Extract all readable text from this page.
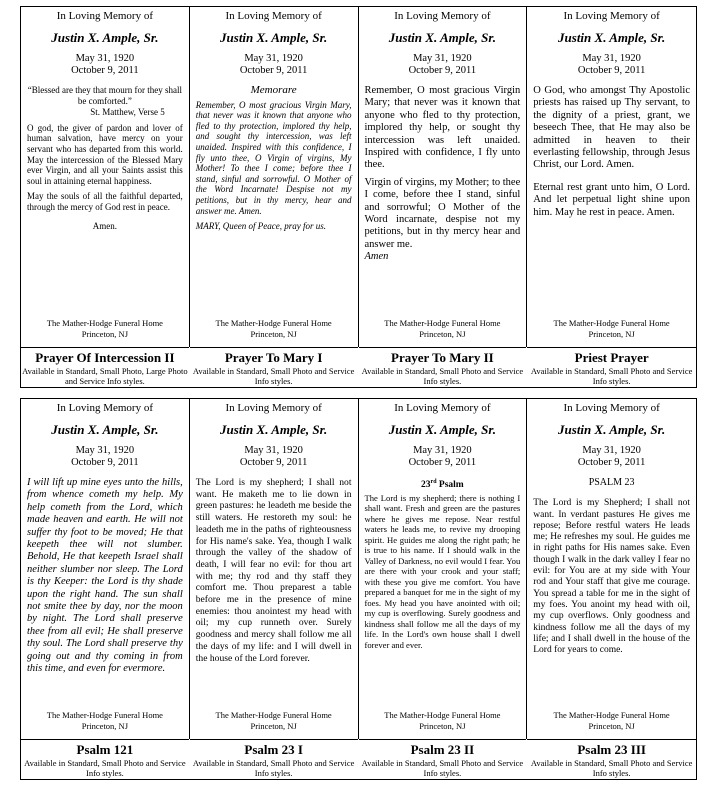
In Loving Memory of
Justin X. Ample, Sr.
May 31, 1920
October 9, 2011

“Blessed are they that mourn for they shall be comforted.”

St. Matthew, Verse 5

O god, the giver of pardon and lover of human salvation, have mercy on your servant who has departed from this world. May the intercession of the Blessed Mary ever Virgin, and all your Saints assist this soul in attaining eternal happiness.

May the souls of all the faithful departed, through the mercy of God rest in peace.

Amen.

The Mather-Hodge Funeral Home
Princeton, NJ
Prayer Of Intercession II
Available in Standard, Small Photo, Large Photo and Service Info styles.
In Loving Memory of
Justin X. Ample, Sr.
May 31, 1920
October 9, 2011

Memorare

Remember, O most gracious Virgin Mary, that never was it known that anyone who fled to thy protection, implored thy help, and sought thy intercession, was left unaided. Inspired with this confidence, I fly unto thee, O Virgin of virgins, My Mother! To thee I come; before thee I stand, sinful and sorrowful. O Mother of the Word Incarnate! Despise not my petitions, but in thy mercy, hear and answer me. Amen.

MARY, Queen of Peace, pray for us.

The Mather-Hodge Funeral Home
Princeton, NJ
Prayer To Mary I
Available in Standard, Small Photo and Service Info styles.
In Loving Memory of
Justin X. Ample, Sr.
May 31, 1920
October 9, 2011

Remember, O most gracious Virgin Mary; that never was it known that anyone who fled to thy protection, implored thy help, or sought thy intercession was left unaided. Inspired with confidence, I fly unto thee.

Virgin of virgins, my Mother; to thee I come, before thee I stand, sinful and sorrowful; O Mother of the Word incarnate, despise not my petitions, but in thy mercy hear and answer me.

Amen

The Mather-Hodge Funeral Home
Princeton, NJ
Prayer To Mary II
Available in Standard, Small Photo and Service Info styles.
In Loving Memory of
Justin X. Ample, Sr.
May 31, 1920
October 9, 2011

O God, who amongst Thy Apostolic priests has raised up Thy servant, to the dignity of a priest, grant, we beseech Thee, that He may also be admitted in heaven to their everlasting fellowship, through Jesus Christ, our Lord. Amen.

Eternal rest grant unto him, O Lord. And let perpetual light shine upon him. May he rest in peace. Amen.

The Mather-Hodge Funeral Home
Princeton, NJ
Priest Prayer
Available in Standard, Small Photo and Service Info styles.
In Loving Memory of
Justin X. Ample, Sr.
May 31, 1920
October 9, 2011

I will lift up mine eyes unto the hills, from whence cometh my help. My help cometh from the Lord, which made heaven and earth. He will not suffer thy foot to be moved; He that keepeth thee will not slumber. Behold, He that keepeth Israel shall neither slumber nor sleep. The Lord is thy Keeper: the Lord is thy shade upon the right hand. The sun shall not smite thee by day, nor the moon by night. The Lord shall preserve thee from all evil; He shall preserve thy soul. The Lord shall preserve thy going out and thy coming in from this time, and even for evermore.

The Mather-Hodge Funeral Home
Princeton, NJ
Psalm 121
Available in Standard, Small Photo and Service Info styles.
In Loving Memory of
Justin X. Ample, Sr.
May 31, 1920
October 9, 2011

The Lord is my shepherd; I shall not want. He maketh me to lie down in green pastures: he leadeth me beside the still waters. He restoreth my soul: he leadeth me in the paths of righteousness for His name's sake. Yea, though I walk through the valley of the shadow of death, I will fear no evil: for thou art with me; thy rod and thy staff they comfort me. Thou preparest a table before me in the presence of mine enemies: thou anointest my head with oil; my cup runneth over. Surely goodness and mercy shall follow me all the days of my life: and I will dwell in the house of the Lord forever.

The Mather-Hodge Funeral Home
Princeton, NJ
Psalm 23 I
Available in Standard, Small Photo and Service Info styles.
In Loving Memory of
Justin X. Ample, Sr.
May 31, 1920
October 9, 2011

23rd Psalm

The Lord is my shepherd; there is nothing I shall want. Fresh and green are the pastures where he gives me repose. Near restful waters he leads me, to revive my drooping spirit. He guides me along the right path; he is true to his name. If I should walk in the Valley of Darkness, no evil would I fear. You are there with your crook and your staff; with these you give me comfort. You have prepared a banquet for me in the sight of my foes. My head you have anointed with oil; my cup is overflowing. Surely goodness and kindness shall follow me all the days of my life. In the Lord's own house shall I dwell forever and ever.

The Mather-Hodge Funeral Home
Princeton, NJ
Psalm 23 II
Available in Standard, Small Photo and Service Info styles.
In Loving Memory of
Justin X. Ample, Sr.
May 31, 1920
October 9, 2011

PSALM 23

The Lord is my Shepherd; I shall not want. In verdant pastures He gives me repose; Before restful waters He leads me; He refreshes my soul. He guides me in right paths for His names sake. Even though I walk in the dark valley I fear no evil: for You are at my side with Your rod and Your staff that give me courage. You spread a table for me in the sight of my foes. You anoint my head with oil, my cup overflows. Only goodness and kindness follow me all the days of my life; and I shall dwell in the house of the Lord for years to come.

The Mather-Hodge Funeral Home
Princeton, NJ
Psalm 23 III
Available in Standard, Small Photo and Service Info styles.
